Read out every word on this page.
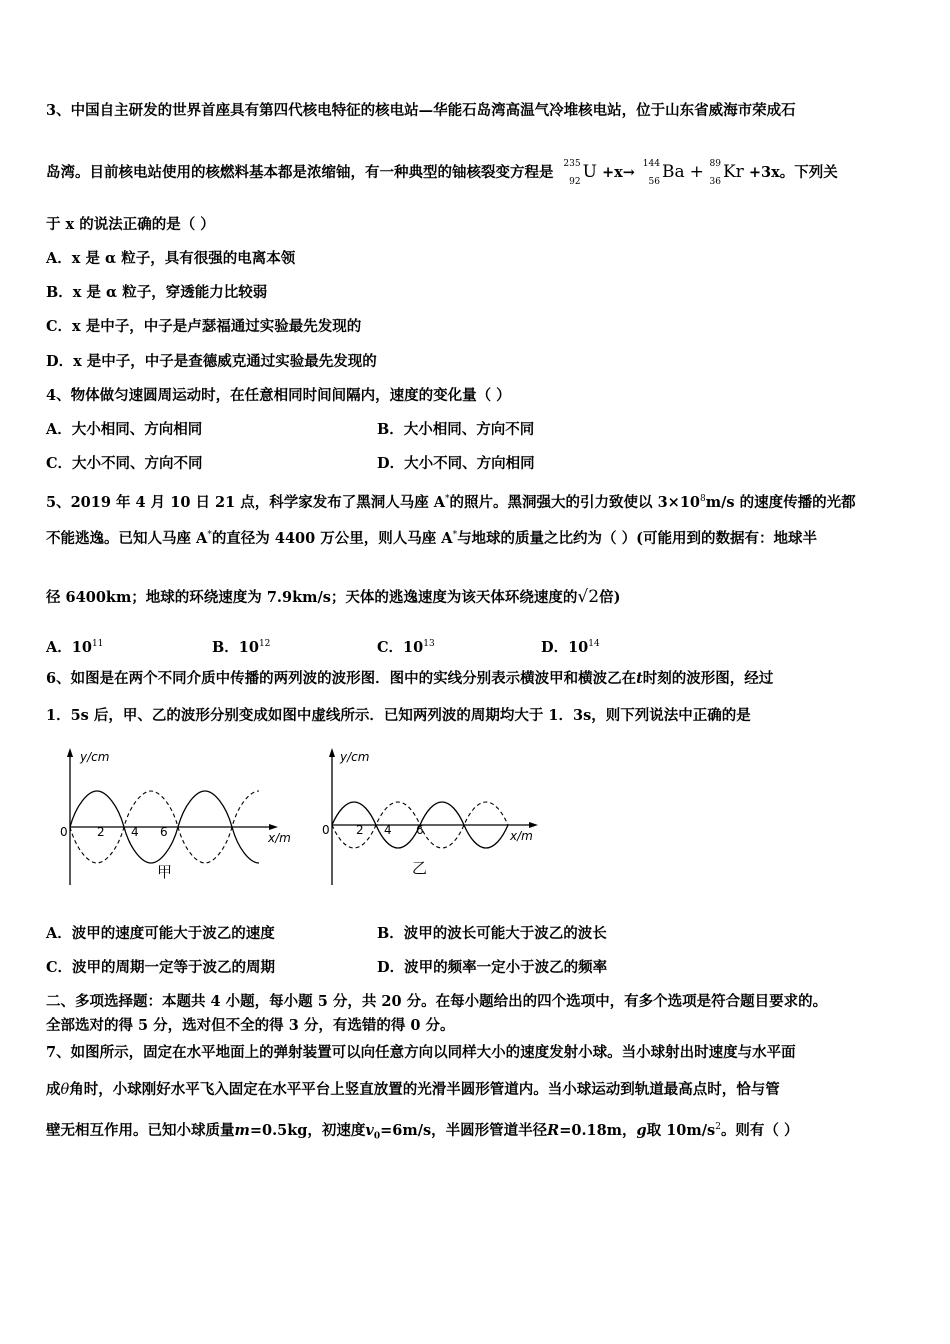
3、中国自主研发的世界首座具有第四代核电特征的核电站—华能石岛湾高温气冷堆核电站，位于山东省威海市荣成石
岛湾。目前核电站使用的核燃料基本都是浓缩铀，有一种典型的铀核裂变方程是 235
92 U +x→ 144
56 Ba + 89
36 Kr +3x。下列关
于 x 的说法正确的是（ ）
A．x 是 α 粒子，具有很强的电离本领
B．x 是 α 粒子，穿透能力比较弱
C．x 是中子，中子是卢瑟福通过实验最先发现的
D．x 是中子，中子是查德威克通过实验最先发现的
4、物体做匀速圆周运动时，在任意相同时间间隔内，速度的变化量（ ）
A．大小相同、方向相同	B．大小相同、方向不同
C．大小不同、方向不同	D．大小不同、方向相同
5、2019 年 4 月 10 日 21 点，科学家发布了黑洞人马座 A*的照片。黑洞强大的引力致使以 $3\times 10^8m/s$ 的速度传播的光都
不能逃逸。已知人马座 A*的直径为 4400 万公里，则人马座 A*与地球的质量之比约为（ ）(可能用到的数据有：地球半
径 6400km；地球的环绕速度为 7.9km/s；天体的逃逸速度为该天体环绕速度的√2倍)
A．$10^{11}$	B．$10^{12}$	C．$10^{13}$	D．$10^{14}$
6、如图是在两个不同介质中传播的两列波的波形图．图中的实线分别表示横波甲和横波乙在t时刻的波形图，经过
1．5s 后，甲、乙的波形分别变成如图中虚线所示．已知两列波的周期均大于 1．3s，则下列说法中正确的是
y/cm
x/m
0 2 4 6
甲
y/cm
x/m
0 2 4 6
乙
A．波甲的速度可能大于波乙的速度	B．波甲的波长可能大于波乙的波长
C．波甲的周期一定等于波乙的周期	D．波甲的频率一定小于波乙的频率
二、多项选择题：本题共 4 小题，每小题 5 分，共 20 分。在每小题给出的四个选项中，有多个选项是符合题目要求的。
全部选对的得 5 分，选对但不全的得 3 分，有选错的得 0 分。
7、如图所示，固定在水平地面上的弹射装置可以向任意方向以同样大小的速度发射小球。当小球射出时速度与水平面
成θ角时，小球刚好水平飞入固定在水平平台上竖直放置的光滑半圆形管道内。当小球运动到轨道最高点时，恰与管
壁无相互作用。已知小球质量m=0.5kg，初速度$v_0=6m/s$，半圆形管道半径R=0.18m，g取 $10m/s^2$。则有（ ）
